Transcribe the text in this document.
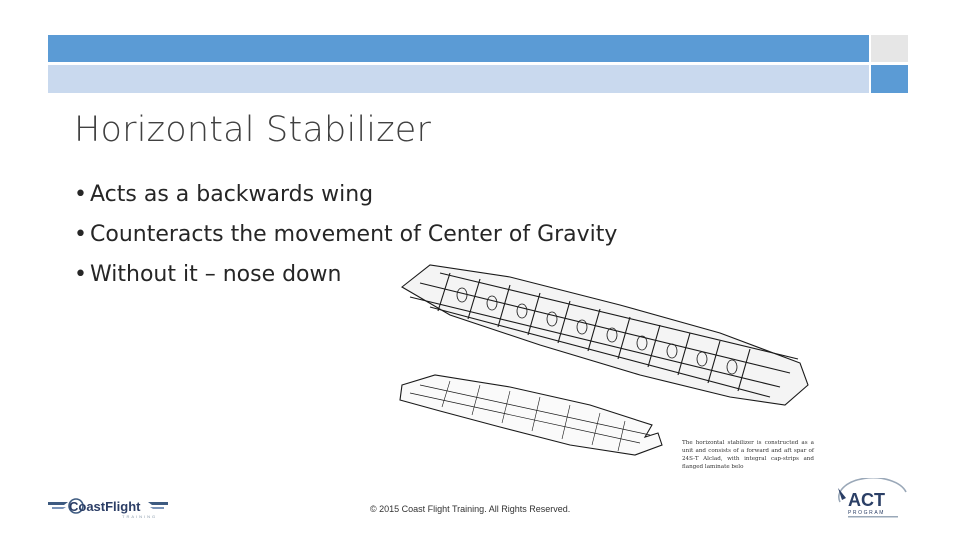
Horizontal Stabilizer
• Acts as a backwards wing
• Counteracts the movement of Center of Gravity
• Without it – nose down
The horizontal stabilizer is constructed as a unit and consists of a forward and aft spar of 24S-T Alclad, with integral cap-strips and flanged laminate belo
CoastFlight
TRAINING
© 2015 Coast Flight Training. All Rights Reserved.	ACT
PROGRAM
